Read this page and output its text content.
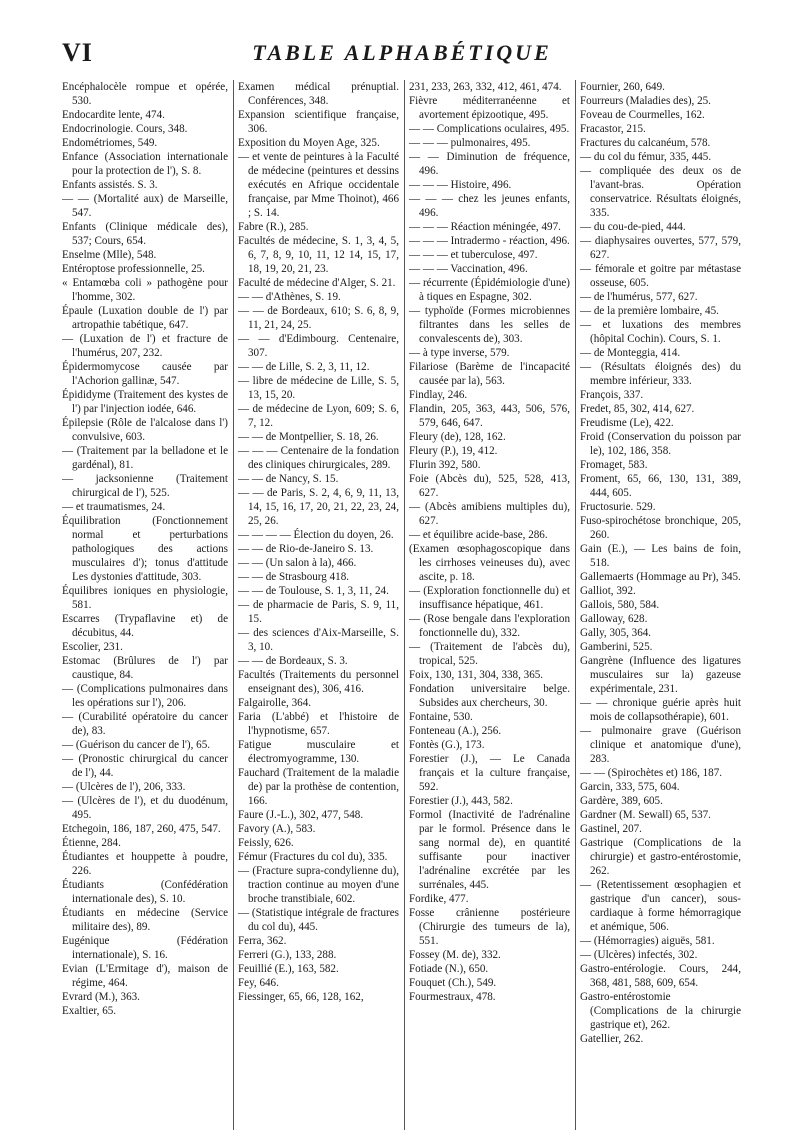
VI	TABLE ALPHABÉTIQUE

Encéphalocèle rompue et opérée, 530.

Endocardite lente, 474.

Endocrinologie. Cours, 348.

Endométriomes, 549.

Enfance (Association internationale pour la protection de l'), S. 8.

Enfants assistés. S. 3.

— — (Mortalité aux) de Marseille, 547.

Enfants (Clinique médicale des), 537; Cours, 654.

Enselme (Mlle), 548.

Entéroptose professionnelle, 25.

« Entamœba coli » pathogène pour l'homme, 302.

Épaule (Luxation double de l') par artropathie tabétique, 647.

— (Luxation de l') et fracture de l'humérus, 207, 232.

Épidermomycose causée par l'Achorion gallinæ, 547.

Épididyme (Traitement des kystes de l') par l'injection iodée, 646.

Épilepsie (Rôle de l'alcalose dans l') convulsive, 603.

— (Traitement par la belladone et le gardénal), 81.

— jacksonienne (Traitement chirurgical de l'), 525.

— et traumatismes, 24.

Équilibration (Fonctionnement normal et perturbations pathologiques des actions musculaires d'); tonus d'attitude Les dystonies d'attitude, 303.

Équilibres ioniques en physiologie, 581.

Escarres (Trypaflavine et) de décubitus, 44.

Escolier, 231.

Estomac (Brûlures de l') par caustique, 84.

— (Complications pulmonaires dans les opérations sur l'), 206.

— (Curabilité opératoire du cancer de), 83.

— (Guérison du cancer de l'), 65.

— (Pronostic chirurgical du cancer de l'), 44.

— (Ulcères de l'), 206, 333.

— (Ulcères de l'), et du duodénum, 495.

Etchegoin, 186, 187, 260, 475, 547.

Étienne, 284.

Étudiantes et houppette à poudre, 226.

Étudiants (Confédération internationale des), S. 10.

Étudiants en médecine (Service militaire des), 89.

Eugénique (Fédération internationale), S. 16.

Evian (L'Ermitage d'), maison de régime, 464.

Evrard (M.), 363.

Exaltier, 65.

Examen médical prénuptial. Conférences, 348.

Expansion scientifique française, 306.

Exposition du Moyen Age, 325.

— et vente de peintures à la Faculté de médecine (peintures et dessins exécutés en Afrique occidentale française, par Mme Thoinot), 466 ; S. 14.

Fabre (R.), 285.

Facultés de médecine, S. 1, 3, 4, 5, 6, 7, 8, 9, 10, 11, 12 14, 15, 17, 18, 19, 20, 21, 23.

Faculté de médecine d'Alger, S. 21.

— — d'Athènes, S. 19.

— — de Bordeaux, 610; S. 6, 8, 9, 11, 21, 24, 25.

— — d'Edimbourg. Centenaire, 307.

— — de Lille, S. 2, 3, 11, 12.

— libre de médecine de Lille, S. 5, 13, 15, 20.

— de médecine de Lyon, 609; S. 6, 7, 12.

— — de Montpellier, S. 18, 26.

— — — Centenaire de la fondation des cliniques chirurgicales, 289.

— — de Nancy, S. 15.

— — de Paris, S. 2, 4, 6, 9, 11, 13, 14, 15, 16, 17, 20, 21, 22, 23, 24, 25, 26.

— — — — Élection du doyen, 26.

— — de Rio-de-Janeiro S. 13.

— — (Un salon à la), 466.

— — de Strasbourg 418.

— — de Toulouse, S. 1, 3, 11, 24.

— de pharmacie de Paris, S. 9, 11, 15.

— des sciences d'Aix-Marseille, S. 3, 10.

— — de Bordeaux, S. 3.

Facultés (Traitements du personnel enseignant des), 306, 416.

Falgairolle, 364.

Faria (L'abbé) et l'histoire de l'hypnotisme, 657.

Fatigue musculaire et électromyogramme, 130.

Fauchard (Traitement de la maladie de) par la prothèse de contention, 166.

Faure (J.-L.), 302, 477, 548.

Favory (A.), 583.

Feissly, 626.

Fémur (Fractures du col du), 335.

— (Fracture supra-condylienne du), traction continue au moyen d'une broche transtibiale, 602.

— (Statistique intégrale de fractures du col du), 445.

Ferra, 362.

Ferreri (G.), 133, 288.

Feuillié (E.), 163, 582.

Fey, 646.

Fiessinger, 65, 66, 128, 162,

231, 233, 263, 332, 412, 461, 474.

Fièvre méditerranéenne et avortement épizootique, 495.

— — Complications oculaires, 495.

— — — pulmonaires, 495.

— — Diminution de fréquence, 496.

— — — Histoire, 496.

— — — chez les jeunes enfants, 496.

— — — Réaction méningée, 497.

— — — Intradermo - réaction, 496.

— — — et tuberculose, 497.

— — — Vaccination, 496.

— récurrente (Épidémiologie d'une) à tiques en Espagne, 302.

— typhoïde (Formes microbiennes filtrantes dans les selles de convalescents de), 303.

— à type inverse, 579.

Filariose (Barème de l'incapacité causée par la), 563.

Findlay, 246.

Flandin, 205, 363, 443, 506, 576, 579, 646, 647.

Fleury (de), 128, 162.

Fleury (P.), 19, 412.

Flurin 392, 580.

Foie (Abcès du), 525, 528, 413, 627.

— (Abcès amibiens multiples du), 627.

— et équilibre acide-base, 286.

(Examen œsophagoscopique dans les cirrhoses veineuses du), avec ascite, p. 18.

— (Exploration fonctionnelle du) et insuffisance hépatique, 461.

— (Rose bengale dans l'exploration fonctionnelle du), 332.

— (Traitement de l'abcès du), tropical, 525.

Foix, 130, 131, 304, 338, 365.

Fondation universitaire belge. Subsides aux chercheurs, 30.

Fontaine, 530.

Fonteneau (A.), 256.

Fontès (G.), 173.

Forestier (J.), — Le Canada français et la culture française, 592.

Forestier (J.), 443, 582.

Formol (Inactivité de l'adrénaline par le formol. Présence dans le sang normal de), en quantité suffisante pour inactiver l'adrénaline excrétée par les surrénales, 445.

Fordike, 477.

Fosse crânienne postérieure (Chirurgie des tumeurs de la), 551.

Fossey (M. de), 332.

Fotiade (N.), 650.

Fouquet (Ch.), 549.

Fourmestraux, 478.

Fournier, 260, 649.

Fourreurs (Maladies des), 25.

Foveau de Courmelles, 162.

Fracastor, 215.

Fractures du calcanéum, 578.

— du col du fémur, 335, 445.

— compliquée des deux os de l'avant-bras. Opération conservatrice. Résultats éloignés, 335.

— du cou-de-pied, 444.

— diaphysaires ouvertes, 577, 579, 627.

— fémorale et goitre par métastase osseuse, 605.

— de l'humérus, 577, 627.

— de la première lombaire, 45.

— et luxations des membres (hôpital Cochin). Cours, S. 1.

— de Monteggia, 414.

— (Résultats éloignés des) du membre inférieur, 333.

François, 337.

Fredet, 85, 302, 414, 627.

Freudisme (Le), 422.

Froid (Conservation du poisson par le), 102, 186, 358.

Fromaget, 583.

Froment, 65, 66, 130, 131, 389, 444, 605.

Fructosurie. 529.

Fuso-spirochétose bronchique, 205, 260.

Gain (E.), — Les bains de foin, 518.

Gallemaerts (Hommage au Pr), 345.

Galliot, 392.

Gallois, 580, 584.

Galloway, 628.

Gally, 305, 364.

Gamberini, 525.

Gangrène (Influence des ligatures musculaires sur la) gazeuse expérimentale, 231.

— — chronique guérie après huit mois de collapsothérapie), 601.

— pulmonaire grave (Guérison clinique et anatomique d'une), 283.

— — (Spirochètes et) 186, 187.

Garcin, 333, 575, 604.

Gardère, 389, 605.

Gardner (M. Sewall) 65, 537.

Gastinel, 207.

Gastrique (Complications de la chirurgie) et gastro-entérostomie, 262.

— (Retentissement œsophagien et gastrique d'un cancer), sous-cardiaque à forme hémorragique et anémique, 506.

— (Hémorragies) aiguës, 581.

— (Ulcères) infectés, 302.

Gastro-entérologie. Cours, 244, 368, 481, 588, 609, 654.

Gastro-entérostomie (Complications de la chirurgie gastrique et), 262.

Gatellier, 262.
